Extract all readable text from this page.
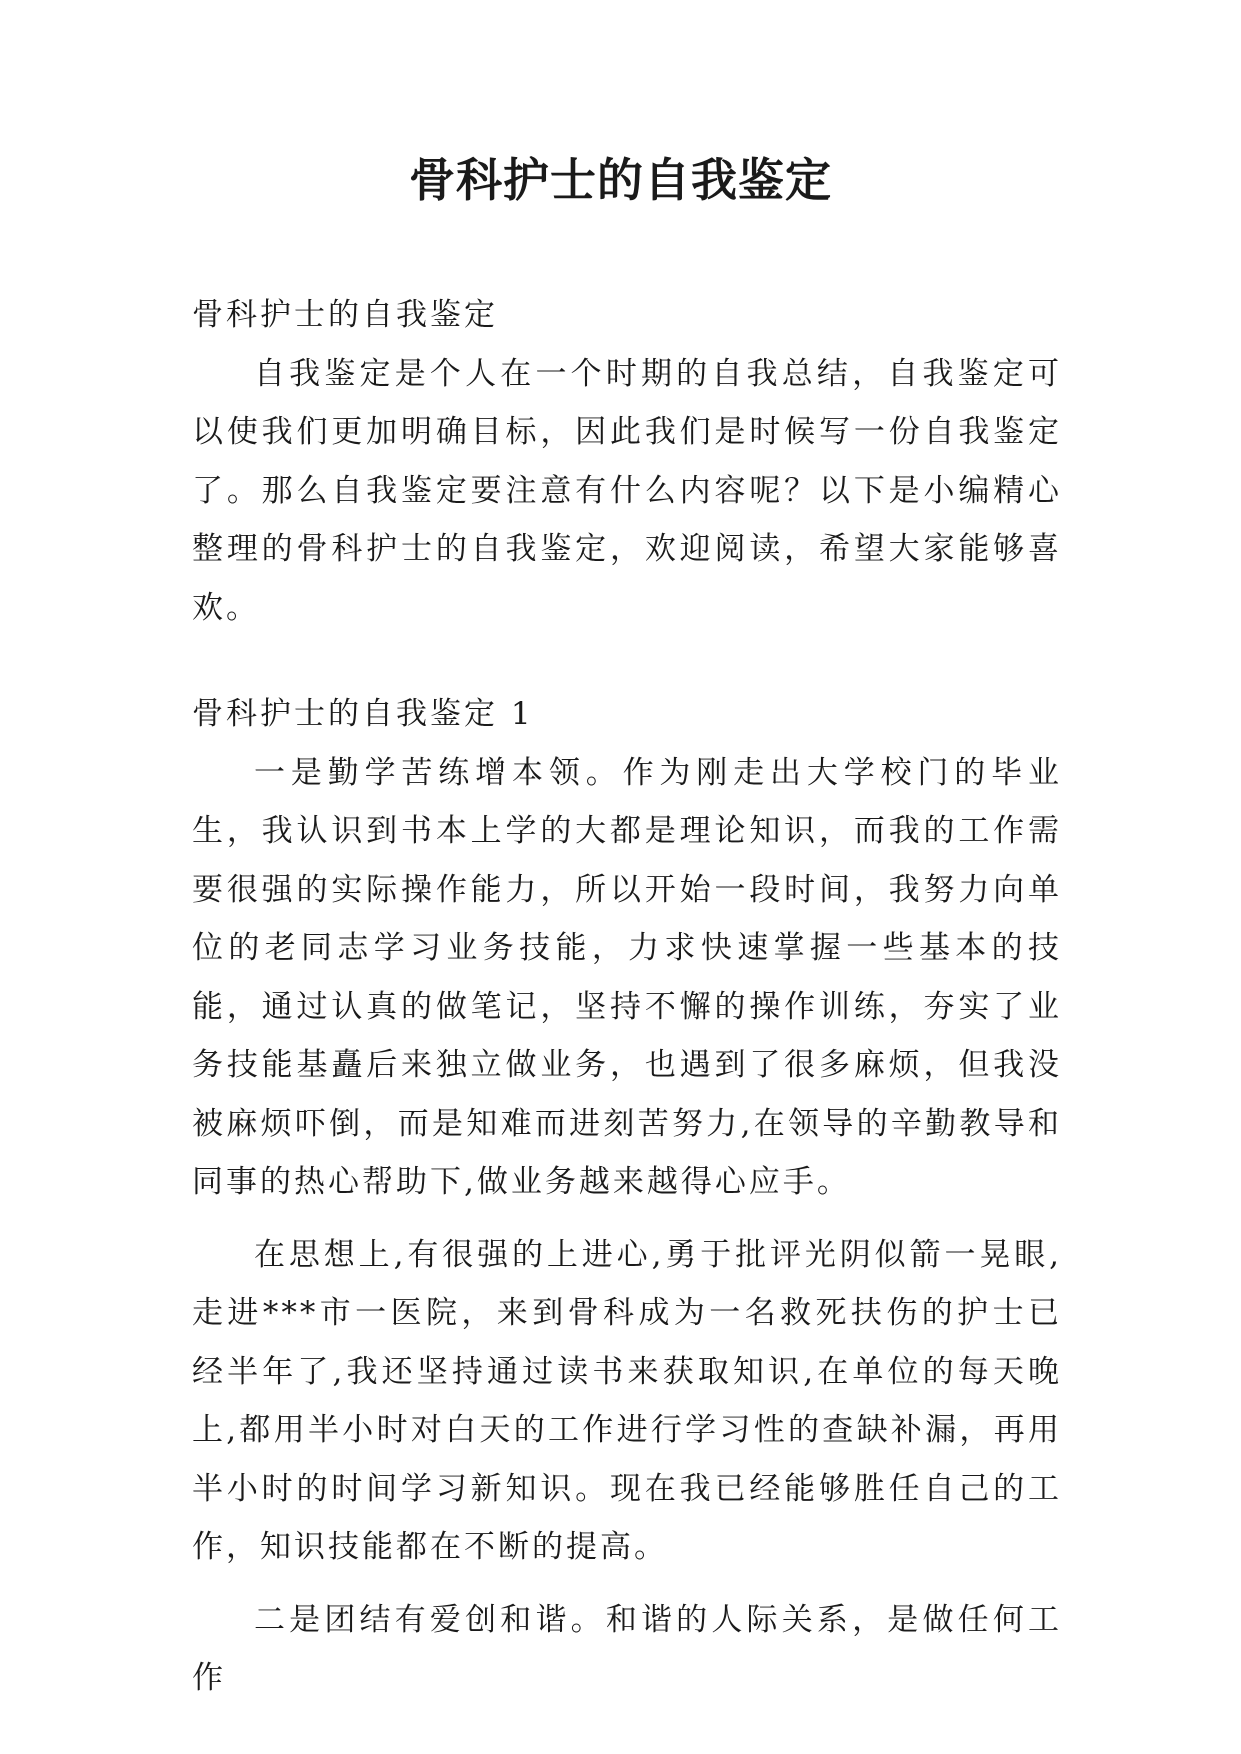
骨科护士的自我鉴定

骨科护士的自我鉴定

自我鉴定是个人在一个时期的自我总结，自我鉴定可以使我们更加明确目标，因此我们是时候写一份自我鉴定了。那么自我鉴定要注意有什么内容呢？以下是小编精心整理的骨科护士的自我鉴定，欢迎阅读，希望大家能够喜欢。

骨科护士的自我鉴定 1

一是勤学苦练增本领。作为刚走出大学校门的毕业生，我认识到书本上学的大都是理论知识，而我的工作需要很强的实际操作能力，所以开始一段时间，我努力向单位的老同志学习业务技能，力求快速掌握一些基本的技能，通过认真的做笔记，坚持不懈的操作训练，夯实了业务技能基矗后来独立做业务，也遇到了很多麻烦，但我没被麻烦吓倒，而是知难而进刻苦努力,在领导的辛勤教导和同事的热心帮助下,做业务越来越得心应手。

在思想上,有很强的上进心,勇于批评光阴似箭一晃眼,走进***市一医院，来到骨科成为一名救死扶伤的护士已经半年了,我还坚持通过读书来获取知识,在单位的每天晚上,都用半小时对白天的工作进行学习性的查缺补漏，再用半小时的时间学习新知识。现在我已经能够胜任自己的工作，知识技能都在不断的提高。

二是团结有爱创和谐。和谐的人际关系，是做任何工作
